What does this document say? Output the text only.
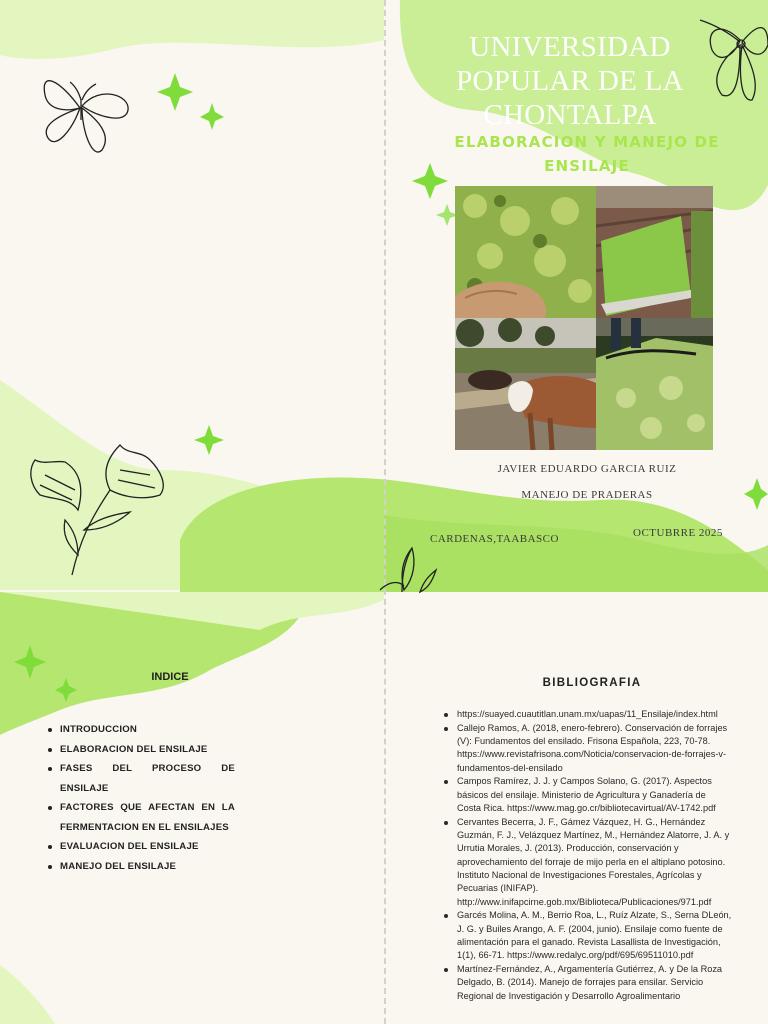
UNIVERSIDAD POPULAR DE LA CHONTALPA
ELABORACION Y MANEJO DE ENSILAJE
JAVIER EDUARDO GARCIA RUIZ
MANEJO DE PRADERAS
CARDENAS,TAABASCO	OCTUBRRE 2025
INDICE
INTRODUCCION
ELABORACION DEL ENSILAJE
FASES DEL PROCESO DE ENSILAJE
FACTORES QUE AFECTAN EN LA FERMENTACION EN EL ENSILAJES
EVALUACION DEL ENSILAJE
MANEJO DEL ENSILAJE
BIBLIOGRAFIA
https://suayed.cuautitlan.unam.mx/uapas/11_Ensilaje/index.html
Callejo Ramos, A. (2018, enero-febrero). Conservación de forrajes (V): Fundamentos del ensilado. Frisona Española, 223, 70-78. https://www.revistafrisona.com/Noticia/conservacion-de-forrajes-v-fundamentos-del-ensilado
Campos Ramírez, J. J. y Campos Solano, G. (2017). Aspectos básicos del ensilaje. Ministerio de Agricultura y Ganadería de Costa Rica. https://www.mag.go.cr/bibliotecavirtual/AV-1742.pdf
Cervantes Becerra, J. F., Gámez Vázquez, H. G., Hernández Guzmán, F. J., Velázquez Martínez, M., Hernández Alatorre, J. A. y Urrutia Morales, J. (2013). Producción, conservación y aprovechamiento del forraje de mijo perla en el altiplano potosino. Instituto Nacional de Investigaciones Forestales, Agrícolas y Pecuarias (INIFAP). http://www.inifapcirne.gob.mx/Biblioteca/Publicaciones/971.pdf
Garcés Molina, A. M., Berrio Roa, L., Ruíz Alzate, S., Serna DLeón, J. G. y Builes Arango, A. F. (2004, junio). Ensilaje como fuente de alimentación para el ganado. Revista Lasallista de Investigación, 1(1), 66-71. https://www.redalyc.org/pdf/695/69511010.pdf
Martínez-Fernández, A., Argamentería Gutiérrez, A. y De la Roza Delgado, B. (2014). Manejo de forrajes para ensilar. Servicio Regional de Investigación y Desarrollo Agroalimentario
